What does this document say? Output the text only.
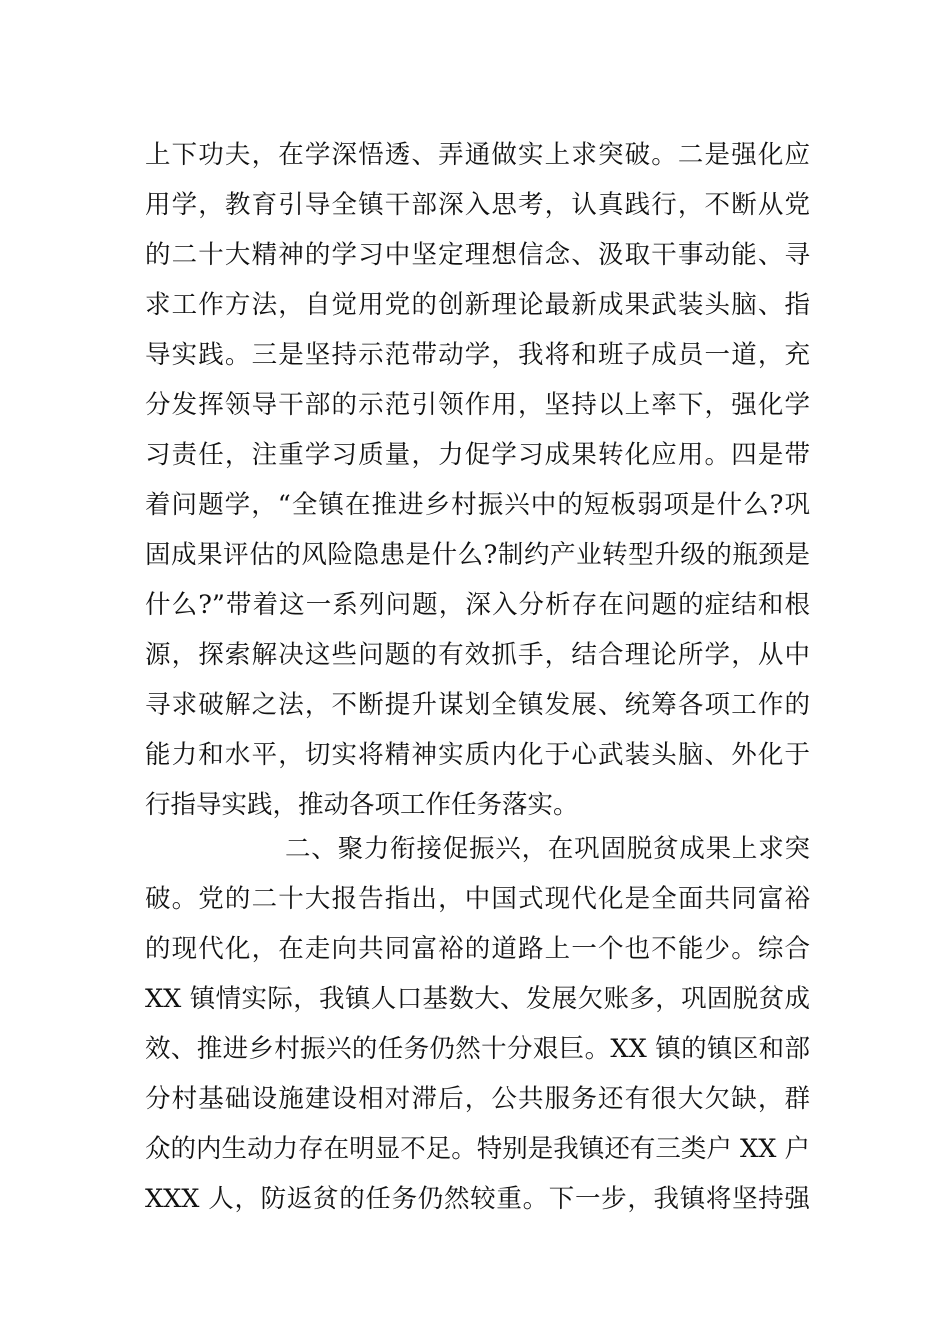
上下功夫，在学深悟透、弄通做实上求突破。二是强化应
用学，教育引导全镇干部深入思考，认真践行，不断从党
的二十大精神的学习中坚定理想信念、汲取干事动能、寻
求工作方法，自觉用党的创新理论最新成果武装头脑、指
导实践。三是坚持示范带动学，我将和班子成员一道，充
分发挥领导干部的示范引领作用，坚持以上率下，强化学
习责任，注重学习质量，力促学习成果转化应用。四是带
着问题学，“全镇在推进乡村振兴中的短板弱项是什么?巩
固成果评估的风险隐患是什么?制约产业转型升级的瓶颈是
什么?”带着这一系列问题，深入分析存在问题的症结和根
源，探索解决这些问题的有效抓手，结合理论所学，从中
寻求破解之法，不断提升谋划全镇发展、统筹各项工作的
能力和水平，切实将精神实质内化于心武装头脑、外化于
行指导实践，推动各项工作任务落实。
二、聚力衔接促振兴，在巩固脱贫成果上求突
破。党的二十大报告指出，中国式现代化是全面共同富裕
的现代化，在走向共同富裕的道路上一个也不能少。综合
XX 镇情实际，我镇人口基数大、发展欠账多，巩固脱贫成
效、推进乡村振兴的任务仍然十分艰巨。XX 镇的镇区和部
分村基础设施建设相对滞后，公共服务还有很大欠缺，群
众的内生动力存在明显不足。特别是我镇还有三类户 XX 户
XXX 人，防返贫的任务仍然较重。下一步，我镇将坚持强
